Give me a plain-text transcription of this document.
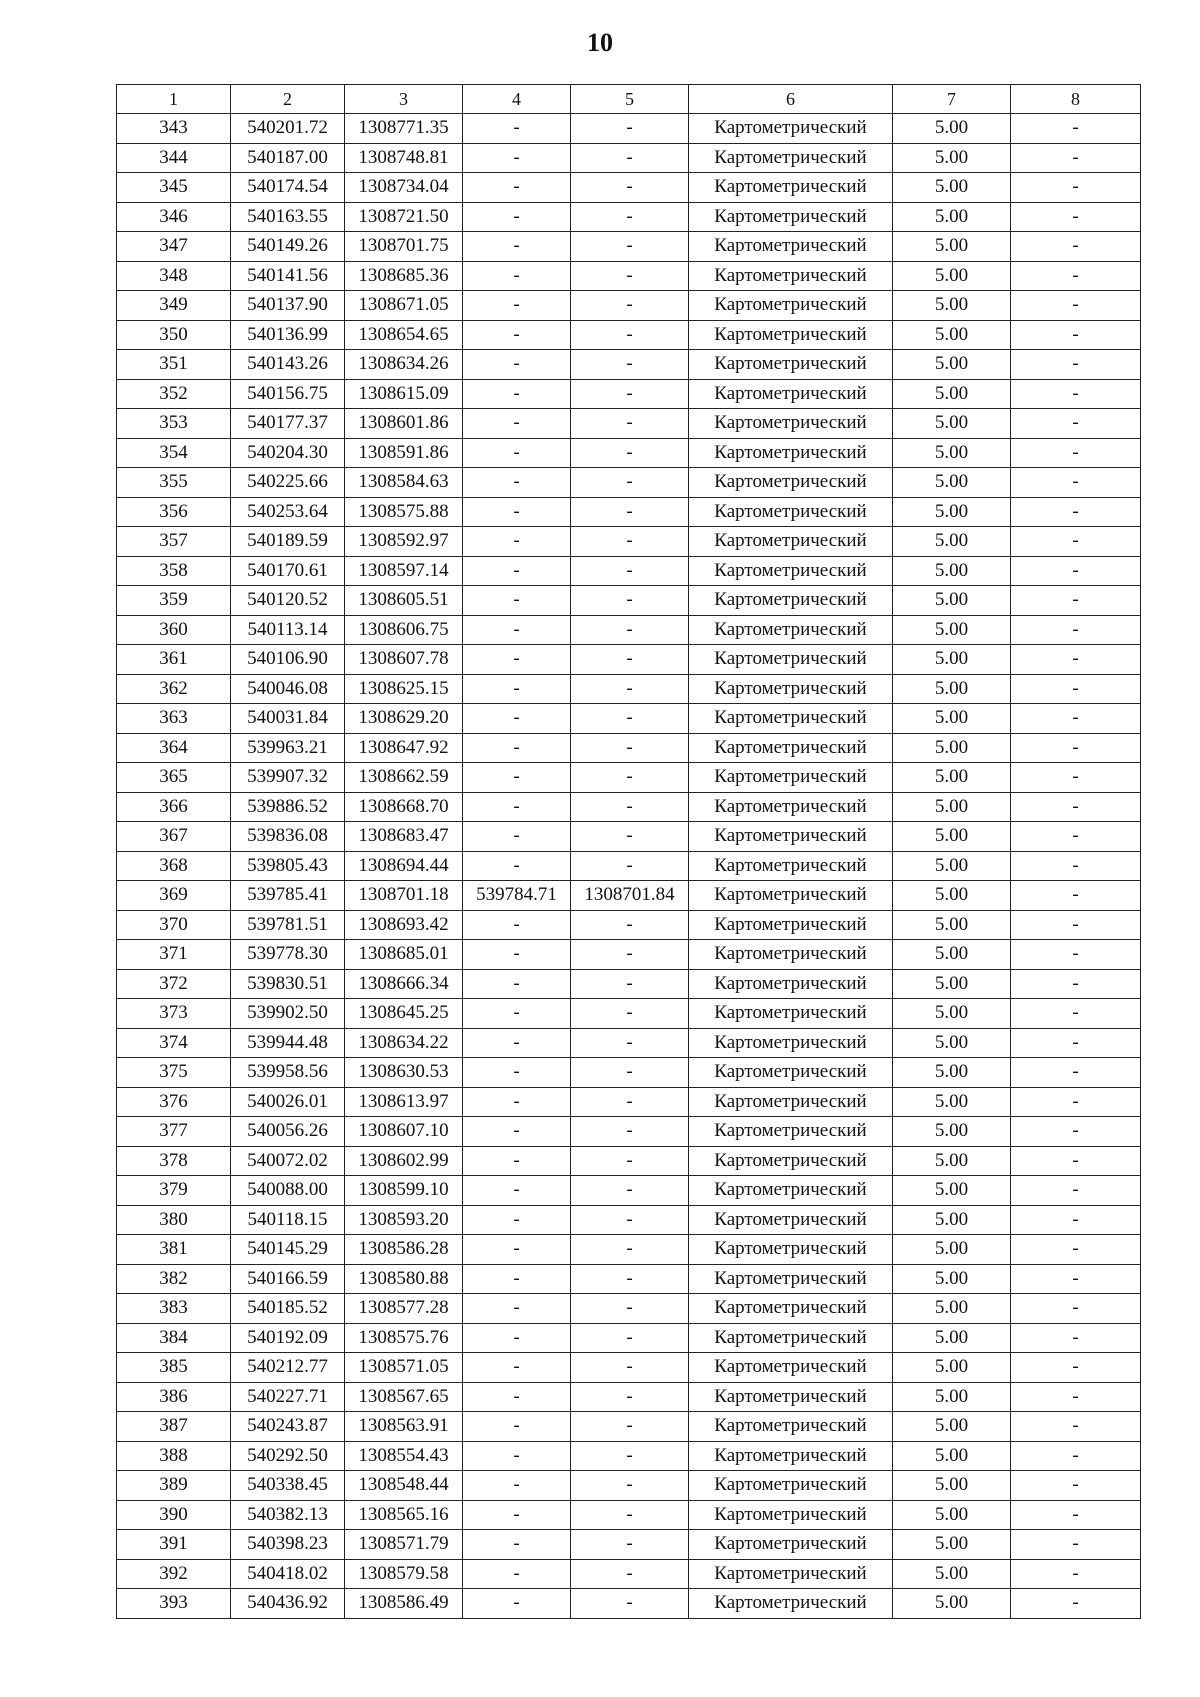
10
1	2	3	4	5	6	7	8
343	540201.72	1308771.35	-	-	Картометрический	5.00	-
344	540187.00	1308748.81	-	-	Картометрический	5.00	-
345	540174.54	1308734.04	-	-	Картометрический	5.00	-
346	540163.55	1308721.50	-	-	Картометрический	5.00	-
347	540149.26	1308701.75	-	-	Картометрический	5.00	-
348	540141.56	1308685.36	-	-	Картометрический	5.00	-
349	540137.90	1308671.05	-	-	Картометрический	5.00	-
350	540136.99	1308654.65	-	-	Картометрический	5.00	-
351	540143.26	1308634.26	-	-	Картометрический	5.00	-
352	540156.75	1308615.09	-	-	Картометрический	5.00	-
353	540177.37	1308601.86	-	-	Картометрический	5.00	-
354	540204.30	1308591.86	-	-	Картометрический	5.00	-
355	540225.66	1308584.63	-	-	Картометрический	5.00	-
356	540253.64	1308575.88	-	-	Картометрический	5.00	-
357	540189.59	1308592.97	-	-	Картометрический	5.00	-
358	540170.61	1308597.14	-	-	Картометрический	5.00	-
359	540120.52	1308605.51	-	-	Картометрический	5.00	-
360	540113.14	1308606.75	-	-	Картометрический	5.00	-
361	540106.90	1308607.78	-	-	Картометрический	5.00	-
362	540046.08	1308625.15	-	-	Картометрический	5.00	-
363	540031.84	1308629.20	-	-	Картометрический	5.00	-
364	539963.21	1308647.92	-	-	Картометрический	5.00	-
365	539907.32	1308662.59	-	-	Картометрический	5.00	-
366	539886.52	1308668.70	-	-	Картометрический	5.00	-
367	539836.08	1308683.47	-	-	Картометрический	5.00	-
368	539805.43	1308694.44	-	-	Картометрический	5.00	-
369	539785.41	1308701.18	539784.71	1308701.84	Картометрический	5.00	-
370	539781.51	1308693.42	-	-	Картометрический	5.00	-
371	539778.30	1308685.01	-	-	Картометрический	5.00	-
372	539830.51	1308666.34	-	-	Картометрический	5.00	-
373	539902.50	1308645.25	-	-	Картометрический	5.00	-
374	539944.48	1308634.22	-	-	Картометрический	5.00	-
375	539958.56	1308630.53	-	-	Картометрический	5.00	-
376	540026.01	1308613.97	-	-	Картометрический	5.00	-
377	540056.26	1308607.10	-	-	Картометрический	5.00	-
378	540072.02	1308602.99	-	-	Картометрический	5.00	-
379	540088.00	1308599.10	-	-	Картометрический	5.00	-
380	540118.15	1308593.20	-	-	Картометрический	5.00	-
381	540145.29	1308586.28	-	-	Картометрический	5.00	-
382	540166.59	1308580.88	-	-	Картометрический	5.00	-
383	540185.52	1308577.28	-	-	Картометрический	5.00	-
384	540192.09	1308575.76	-	-	Картометрический	5.00	-
385	540212.77	1308571.05	-	-	Картометрический	5.00	-
386	540227.71	1308567.65	-	-	Картометрический	5.00	-
387	540243.87	1308563.91	-	-	Картометрический	5.00	-
388	540292.50	1308554.43	-	-	Картометрический	5.00	-
389	540338.45	1308548.44	-	-	Картометрический	5.00	-
390	540382.13	1308565.16	-	-	Картометрический	5.00	-
391	540398.23	1308571.79	-	-	Картометрический	5.00	-
392	540418.02	1308579.58	-	-	Картометрический	5.00	-
393	540436.92	1308586.49	-	-	Картометрический	5.00	-
